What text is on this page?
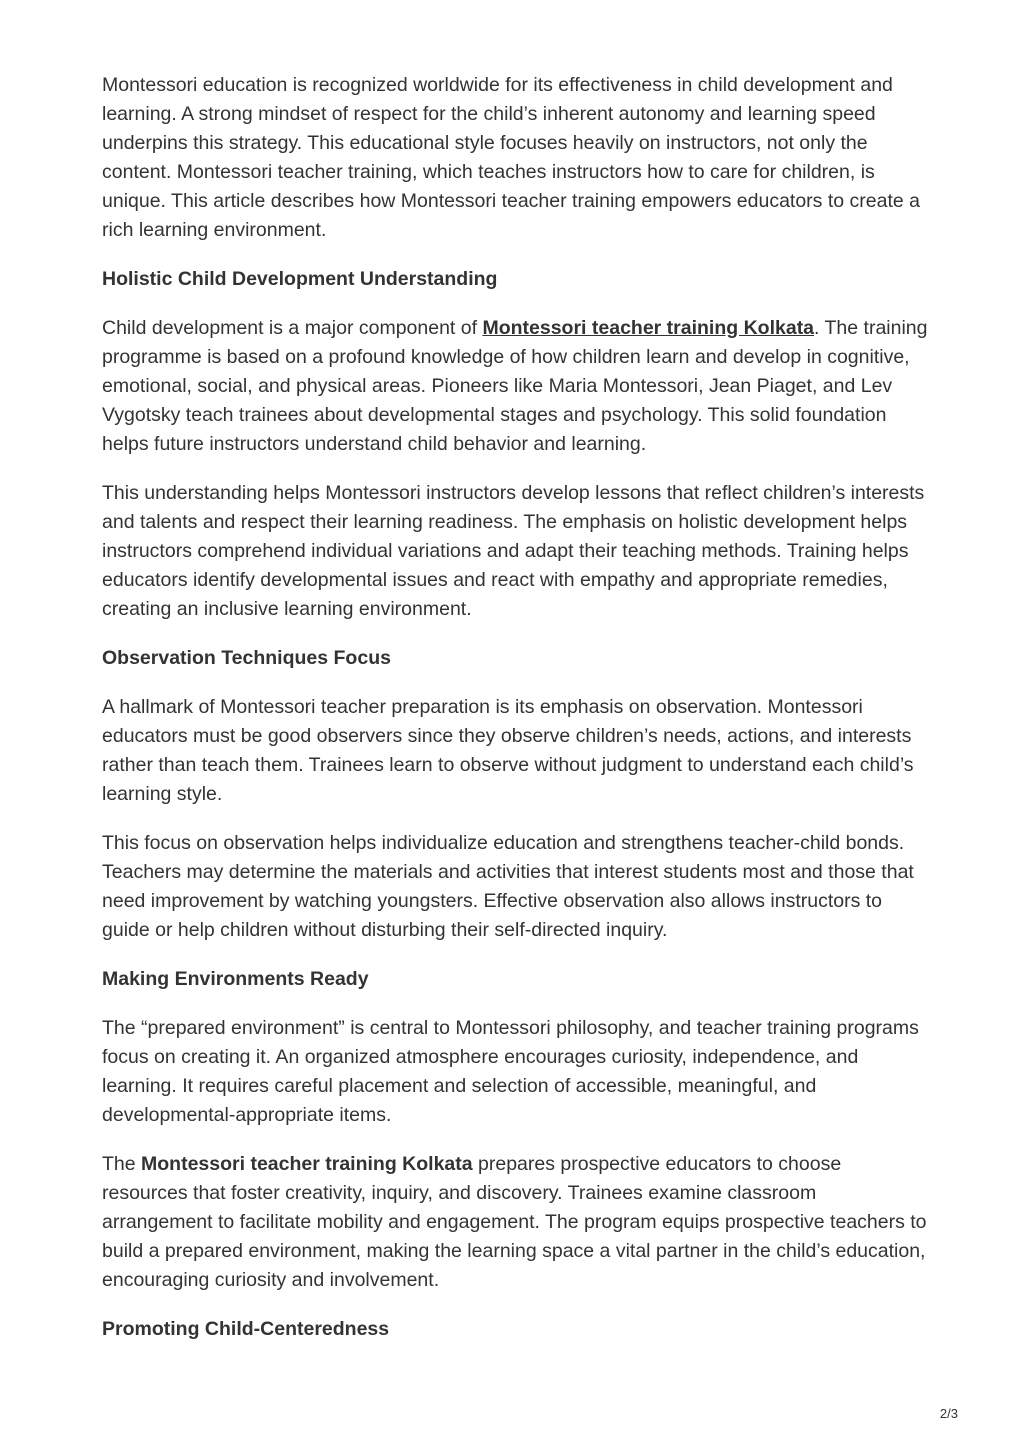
Montessori education is recognized worldwide for its effectiveness in child development and learning. A strong mindset of respect for the child’s inherent autonomy and learning speed underpins this strategy. This educational style focuses heavily on instructors, not only the content. Montessori teacher training, which teaches instructors how to care for children, is unique. This article describes how Montessori teacher training empowers educators to create a rich learning environment.

Holistic Child Development Understanding

Child development is a major component of Montessori teacher training Kolkata. The training programme is based on a profound knowledge of how children learn and develop in cognitive, emotional, social, and physical areas. Pioneers like Maria Montessori, Jean Piaget, and Lev Vygotsky teach trainees about developmental stages and psychology. This solid foundation helps future instructors understand child behavior and learning.

This understanding helps Montessori instructors develop lessons that reflect children’s interests and talents and respect their learning readiness. The emphasis on holistic development helps instructors comprehend individual variations and adapt their teaching methods. Training helps educators identify developmental issues and react with empathy and appropriate remedies, creating an inclusive learning environment.

Observation Techniques Focus

A hallmark of Montessori teacher preparation is its emphasis on observation. Montessori educators must be good observers since they observe children’s needs, actions, and interests rather than teach them. Trainees learn to observe without judgment to understand each child’s learning style.

This focus on observation helps individualize education and strengthens teacher-child bonds. Teachers may determine the materials and activities that interest students most and those that need improvement by watching youngsters. Effective observation also allows instructors to guide or help children without disturbing their self-directed inquiry.

Making Environments Ready

The “prepared environment” is central to Montessori philosophy, and teacher training programs focus on creating it. An organized atmosphere encourages curiosity, independence, and learning. It requires careful placement and selection of accessible, meaningful, and developmental-appropriate items.

The Montessori teacher training Kolkata prepares prospective educators to choose resources that foster creativity, inquiry, and discovery. Trainees examine classroom arrangement to facilitate mobility and engagement. The program equips prospective teachers to build a prepared environment, making the learning space a vital partner in the child’s education, encouraging curiosity and involvement.

Promoting Child-Centeredness
2/3
